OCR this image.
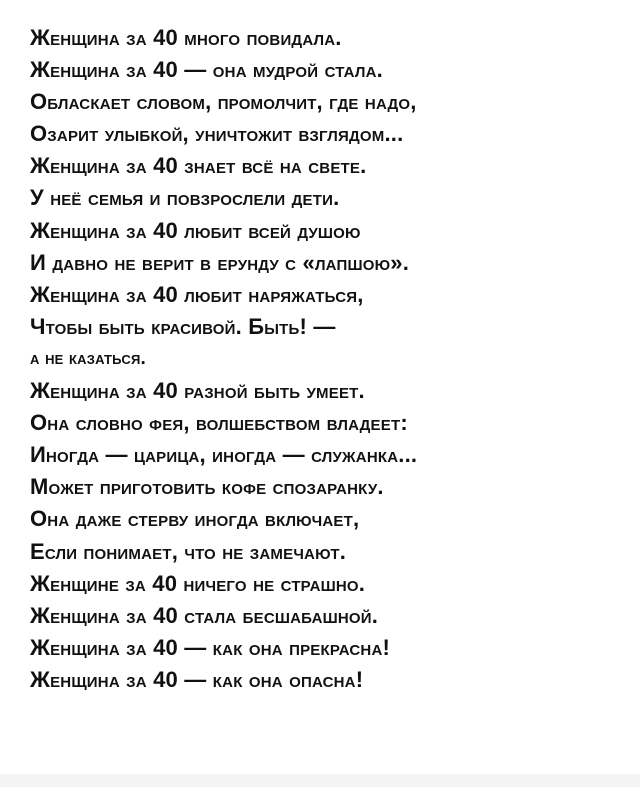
Женщина за 40 много повидала.
Женщина за 40 — она мудрой стала.
Обласкает словом, промолчит, где надо,
Озарит улыбкой, уничтожит взглядом...
Женщина за 40 знает всё на свете.
У неё семья и повзрослели дети.
Женщина за 40 любит всей душою
И давно не верит в ерунду с «лапшою».
Женщина за 40 любит наряжаться,
Чтобы быть красивой. Быть! —
а не казаться.
Женщина за 40 разной быть умеет.
Она словно фея, волшебством владеет:
Иногда — царица, иногда — служанка...
Может приготовить кофе спозаранку.
Она даже стерву иногда включает,
Если понимает, что не замечают.
Женщине за 40 ничего не страшно.
Женщина за 40 стала бесшабашной.
Женщина за 40 — как она прекрасна!
Женщина за 40 — как она опасна!
